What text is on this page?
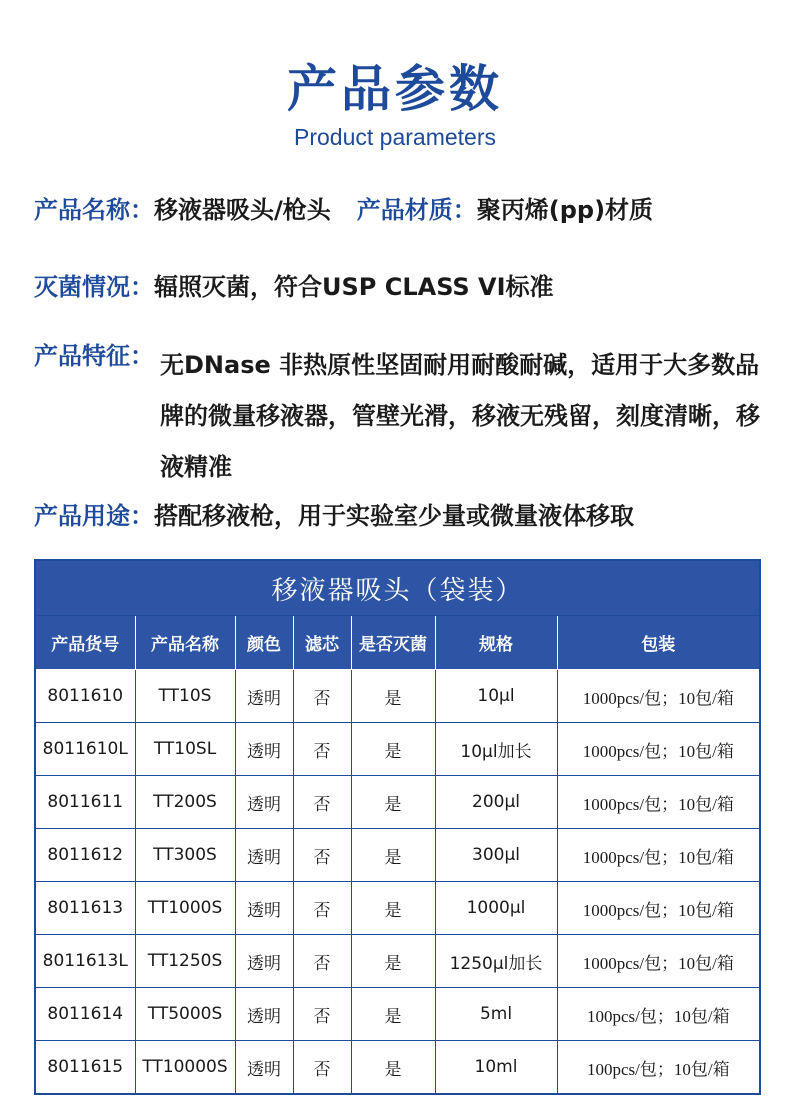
产品参数
Product parameters
产品名称：移液器吸头/枪头 产品材质：聚丙烯(pp)材质
灭菌情况：辐照灭菌，符合USP CLASS VI标准
产品特征： 无DNase 非热原性坚固耐用耐酸耐碱，适用于大多数品牌的微量移液器，管壁光滑，移液无残留，刻度清晰，移液精准
产品用途：搭配移液枪，用于实验室少量或微量液体移取
移液器吸头（袋装）						
产品货号	产品名称	颜色	滤芯	是否灭菌	规格	包装
8011610	TT10S	透明	否	是	10μl	1000pcs/包；10包/箱
8011610L	TT10SL	透明	否	是	10μl加长	1000pcs/包；10包/箱
8011611	TT200S	透明	否	是	200μl	1000pcs/包；10包/箱
8011612	TT300S	透明	否	是	300μl	1000pcs/包；10包/箱
8011613	TT1000S	透明	否	是	1000μl	1000pcs/包；10包/箱
8011613L	TT1250S	透明	否	是	1250μl加长	1000pcs/包；10包/箱
8011614	TT5000S	透明	否	是	5ml	100pcs/包；10包/箱
8011615	TT10000S	透明	否	是	10ml	100pcs/包；10包/箱
